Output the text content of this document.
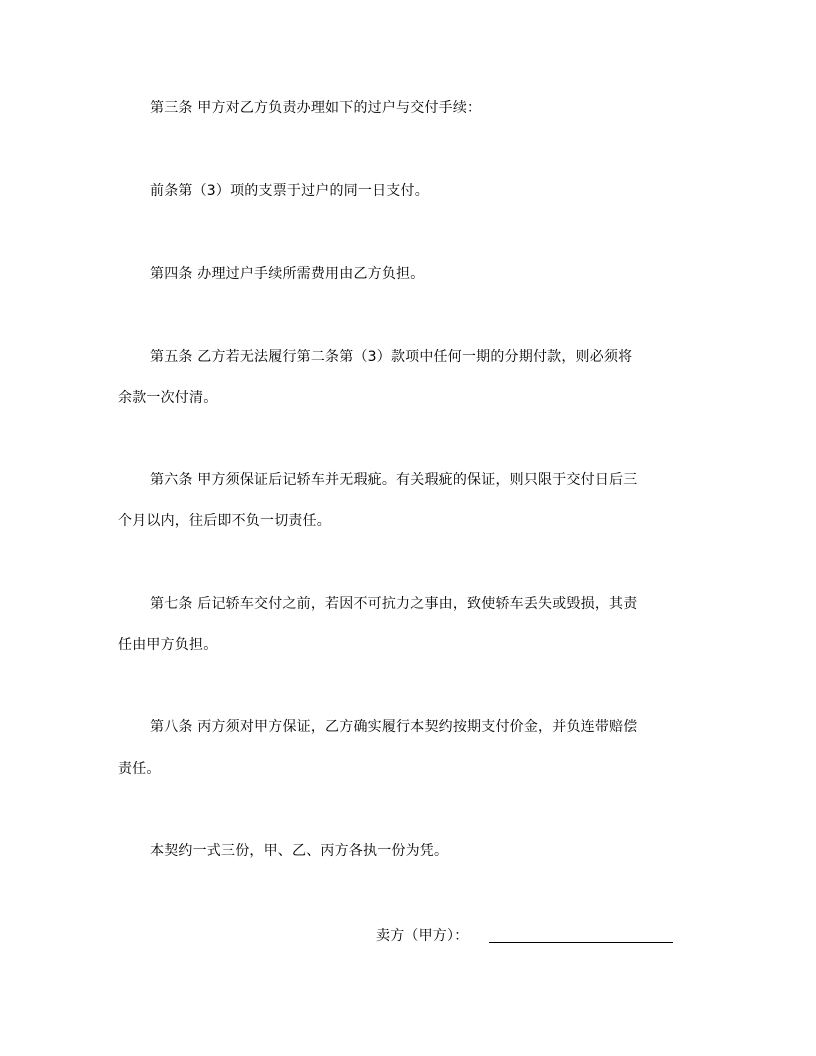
第三条 甲方对乙方负责办理如下的过户与交付手续：
前条第（3）项的支票于过户的同一日支付。
第四条 办理过户手续所需费用由乙方负担。
第五条 乙方若无法履行第二条第（3）款项中任何一期的分期付款，则必须将
余款一次付清。
第六条 甲方须保证后记轿车并无瑕疵。有关瑕疵的保证，则只限于交付日后三
个月以内，往后即不负一切责任。
第七条 后记轿车交付之前，若因不可抗力之事由，致使轿车丢失或毁损，其责
任由甲方负担。
第八条 丙方须对甲方保证，乙方确实履行本契约按期支付价金，并负连带赔偿
责任。
本契约一式三份，甲、乙、丙方各执一份为凭。
卖方（甲方）：
